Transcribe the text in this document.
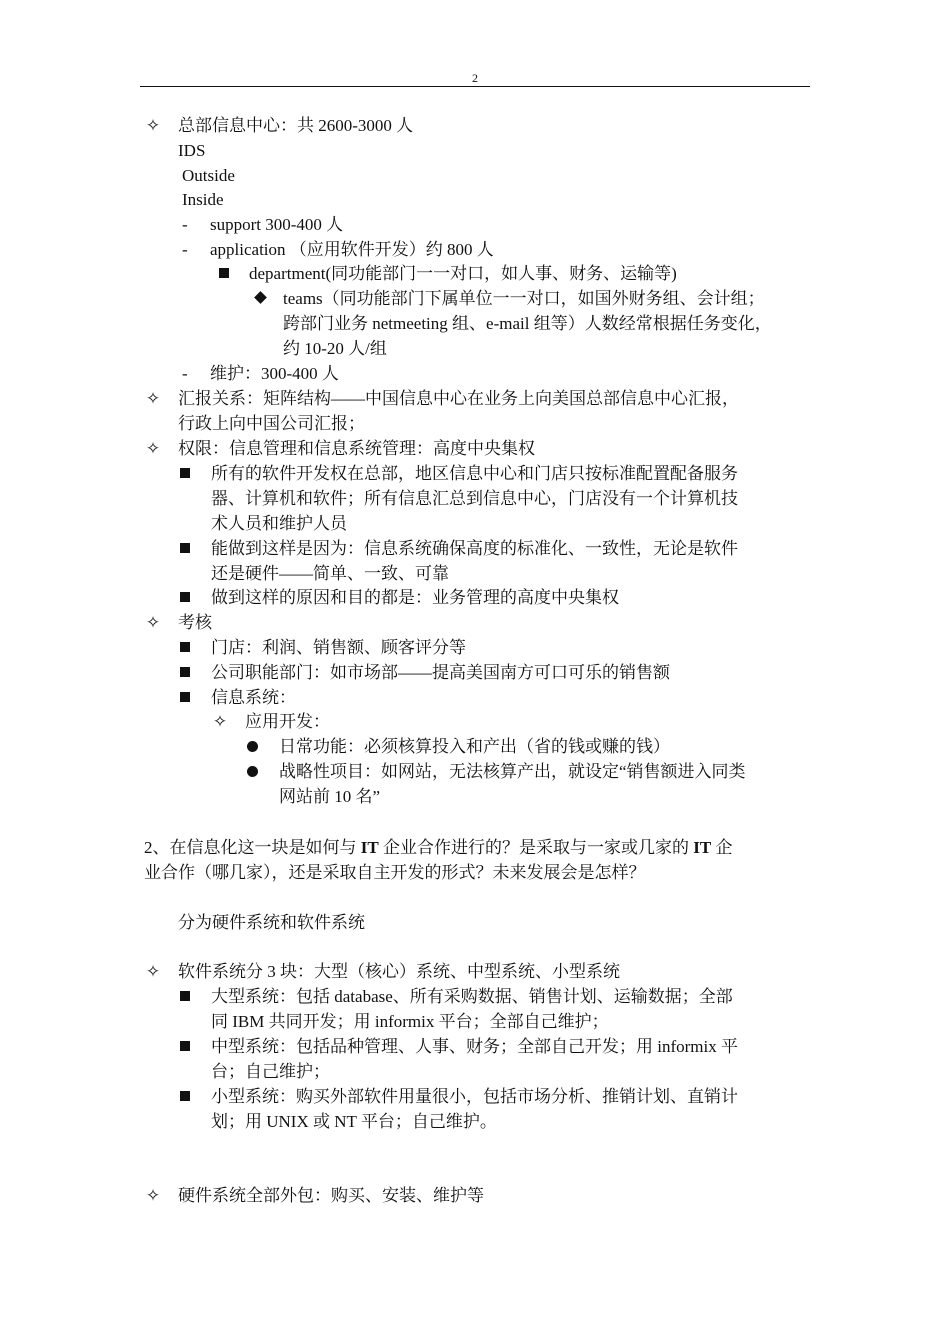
2
✧ 总部信息中心：共 2600-3000 人
IDS
Outside
Inside
- support 300-400 人
- application （应用软件开发）约 800 人
department(同功能部门一一对口，如人事、财务、运输等)
teams（同功能部门下属单位一一对口，如国外财务组、会计组；
跨部门业务 netmeeting 组、e-mail 组等）人数经常根据任务变化，
约 10-20 人/组
- 维护：300-400 人
✧ 汇报关系：矩阵结构——中国信息中心在业务上向美国总部信息中心汇报，
行政上向中国公司汇报；
✧ 权限：信息管理和信息系统管理：高度中央集权
所有的软件开发权在总部，地区信息中心和门店只按标准配置配备服务
器、计算机和软件；所有信息汇总到信息中心，门店没有一个计算机技
术人员和维护人员
能做到这样是因为：信息系统确保高度的标准化、一致性，无论是软件
还是硬件——简单、一致、可靠
做到这样的原因和目的都是：业务管理的高度中央集权
✧ 考核
门店：利润、销售额、顾客评分等
公司职能部门：如市场部——提高美国南方可口可乐的销售额
信息系统：
✧ 应用开发：
日常功能：必须核算投入和产出（省的钱或赚的钱）
战略性项目：如网站，无法核算产出，就设定“销售额进入同类
网站前 10 名”
2、在信息化这一块是如何与 IT 企业合作进行的？是采取与一家或几家的 IT 企
业合作（哪几家），还是采取自主开发的形式？未来发展会是怎样？
分为硬件系统和软件系统
✧ 软件系统分 3 块：大型（核心）系统、中型系统、小型系统
大型系统：包括 database、所有采购数据、销售计划、运输数据；全部
同 IBM 共同开发；用 informix 平台；全部自己维护；
中型系统：包括品种管理、人事、财务；全部自己开发；用 informix 平
台；自己维护；
小型系统：购买外部软件用量很小，包括市场分析、推销计划、直销计
划；用 UNIX 或 NT 平台；自己维护。
✧ 硬件系统全部外包：购买、安装、维护等
